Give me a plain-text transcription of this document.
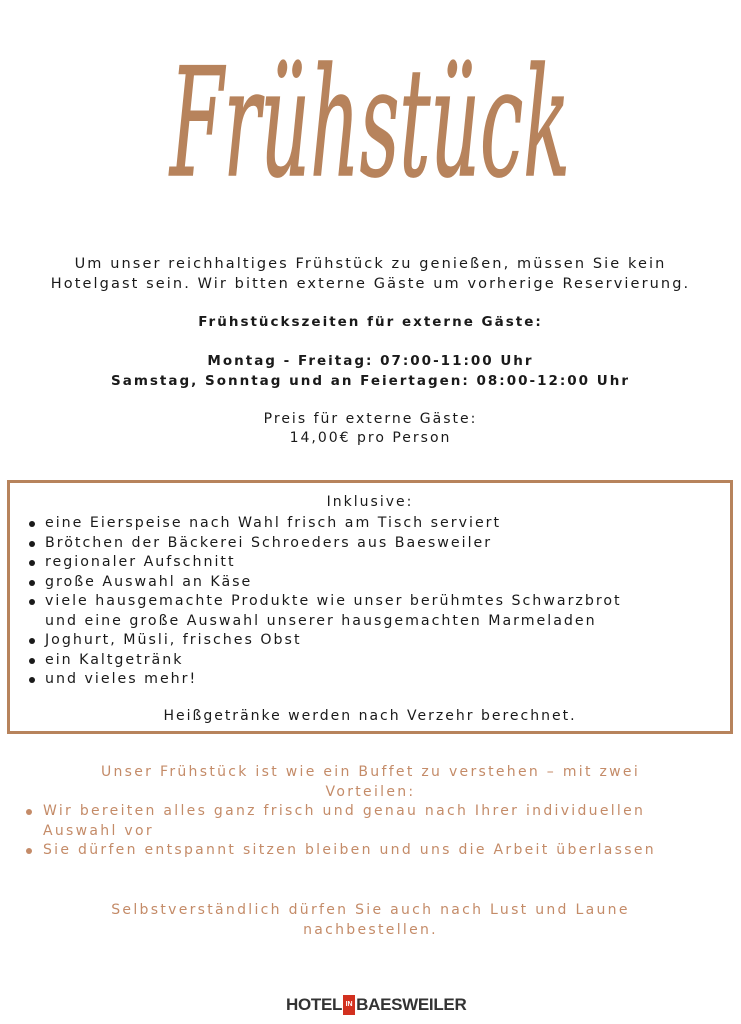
Frühstück
Um unser reichhaltiges Frühstück zu genießen, müssen Sie kein
Hotelgast sein. Wir bitten externe Gäste um vorherige Reservierung.
Frühstückszeiten für externe Gäste:
Montag - Freitag: 07:00-11:00 Uhr
Samstag, Sonntag und an Feiertagen: 08:00-12:00 Uhr
Preis für externe Gäste:
14,00€ pro Person
Inklusive:
eine Eierspeise nach Wahl frisch am Tisch serviert
Brötchen der Bäckerei Schroeders aus Baesweiler
regionaler Aufschnitt
große Auswahl an Käse
viele hausgemachte Produkte wie unser berühmtes Schwarzbrot
und eine große Auswahl unserer hausgemachten Marmeladen
Joghurt, Müsli, frisches Obst
ein Kaltgetränk
und vieles mehr!
Heißgetränke werden nach Verzehr berechnet.
Unser Frühstück ist wie ein Buffet zu verstehen – mit zwei
Vorteilen:
Wir bereiten alles ganz frisch und genau nach Ihrer individuellen Auswahl vor
Sie dürfen entspannt sitzen bleiben und uns die Arbeit überlassen
Selbstverständlich dürfen Sie auch nach Lust und Laune
nachbestellen.
HOTEL IN BAESWEILER
